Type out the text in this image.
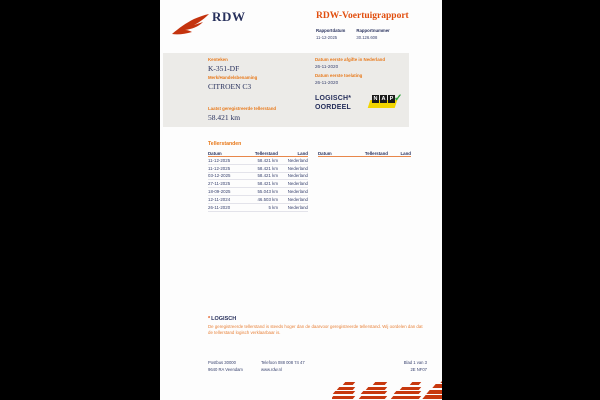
RDW	RDW-Voertuigrapport
Rapportdatum
11-12-2025
Rapportnummer
30.126.608
Kenteken
K-351-DF
Merk/Handelsbenaming
CITROEN C3
Laatst geregistreerde tellerstand
58.421 km
Datum eerste afgifte in Nederland
26-11-2020
Datum eerste toelating
26-11-2020
LOGISCH*
OORDEEL
N A P ✓
Tellerstanden
Datum	Tellerstand	Land
11-12-2025	58.421 km	Nederland
11-12-2025	58.421 km	Nederland
03-12-2025	58.421 km	Nederland
27-11-2025	58.421 km	Nederland
18-09-2025	55.043 km	Nederland
12-11-2024	46.503 km	Nederland
26-11-2020	5 km	Nederland
Datum	Tellerstand	Land
*LOGISCH
De geregistreerde tellerstand is steeds hoger dan de daarvoor geregistreerde tellerstand. Wij oordelen dan dat de tellerstand logisch verklaarbaar is.
Postbus 30000
9640 RA Veendam
Telefoon 088 008 74 47
www.rdw.nl
Blad 1 van 3
2E NF07
